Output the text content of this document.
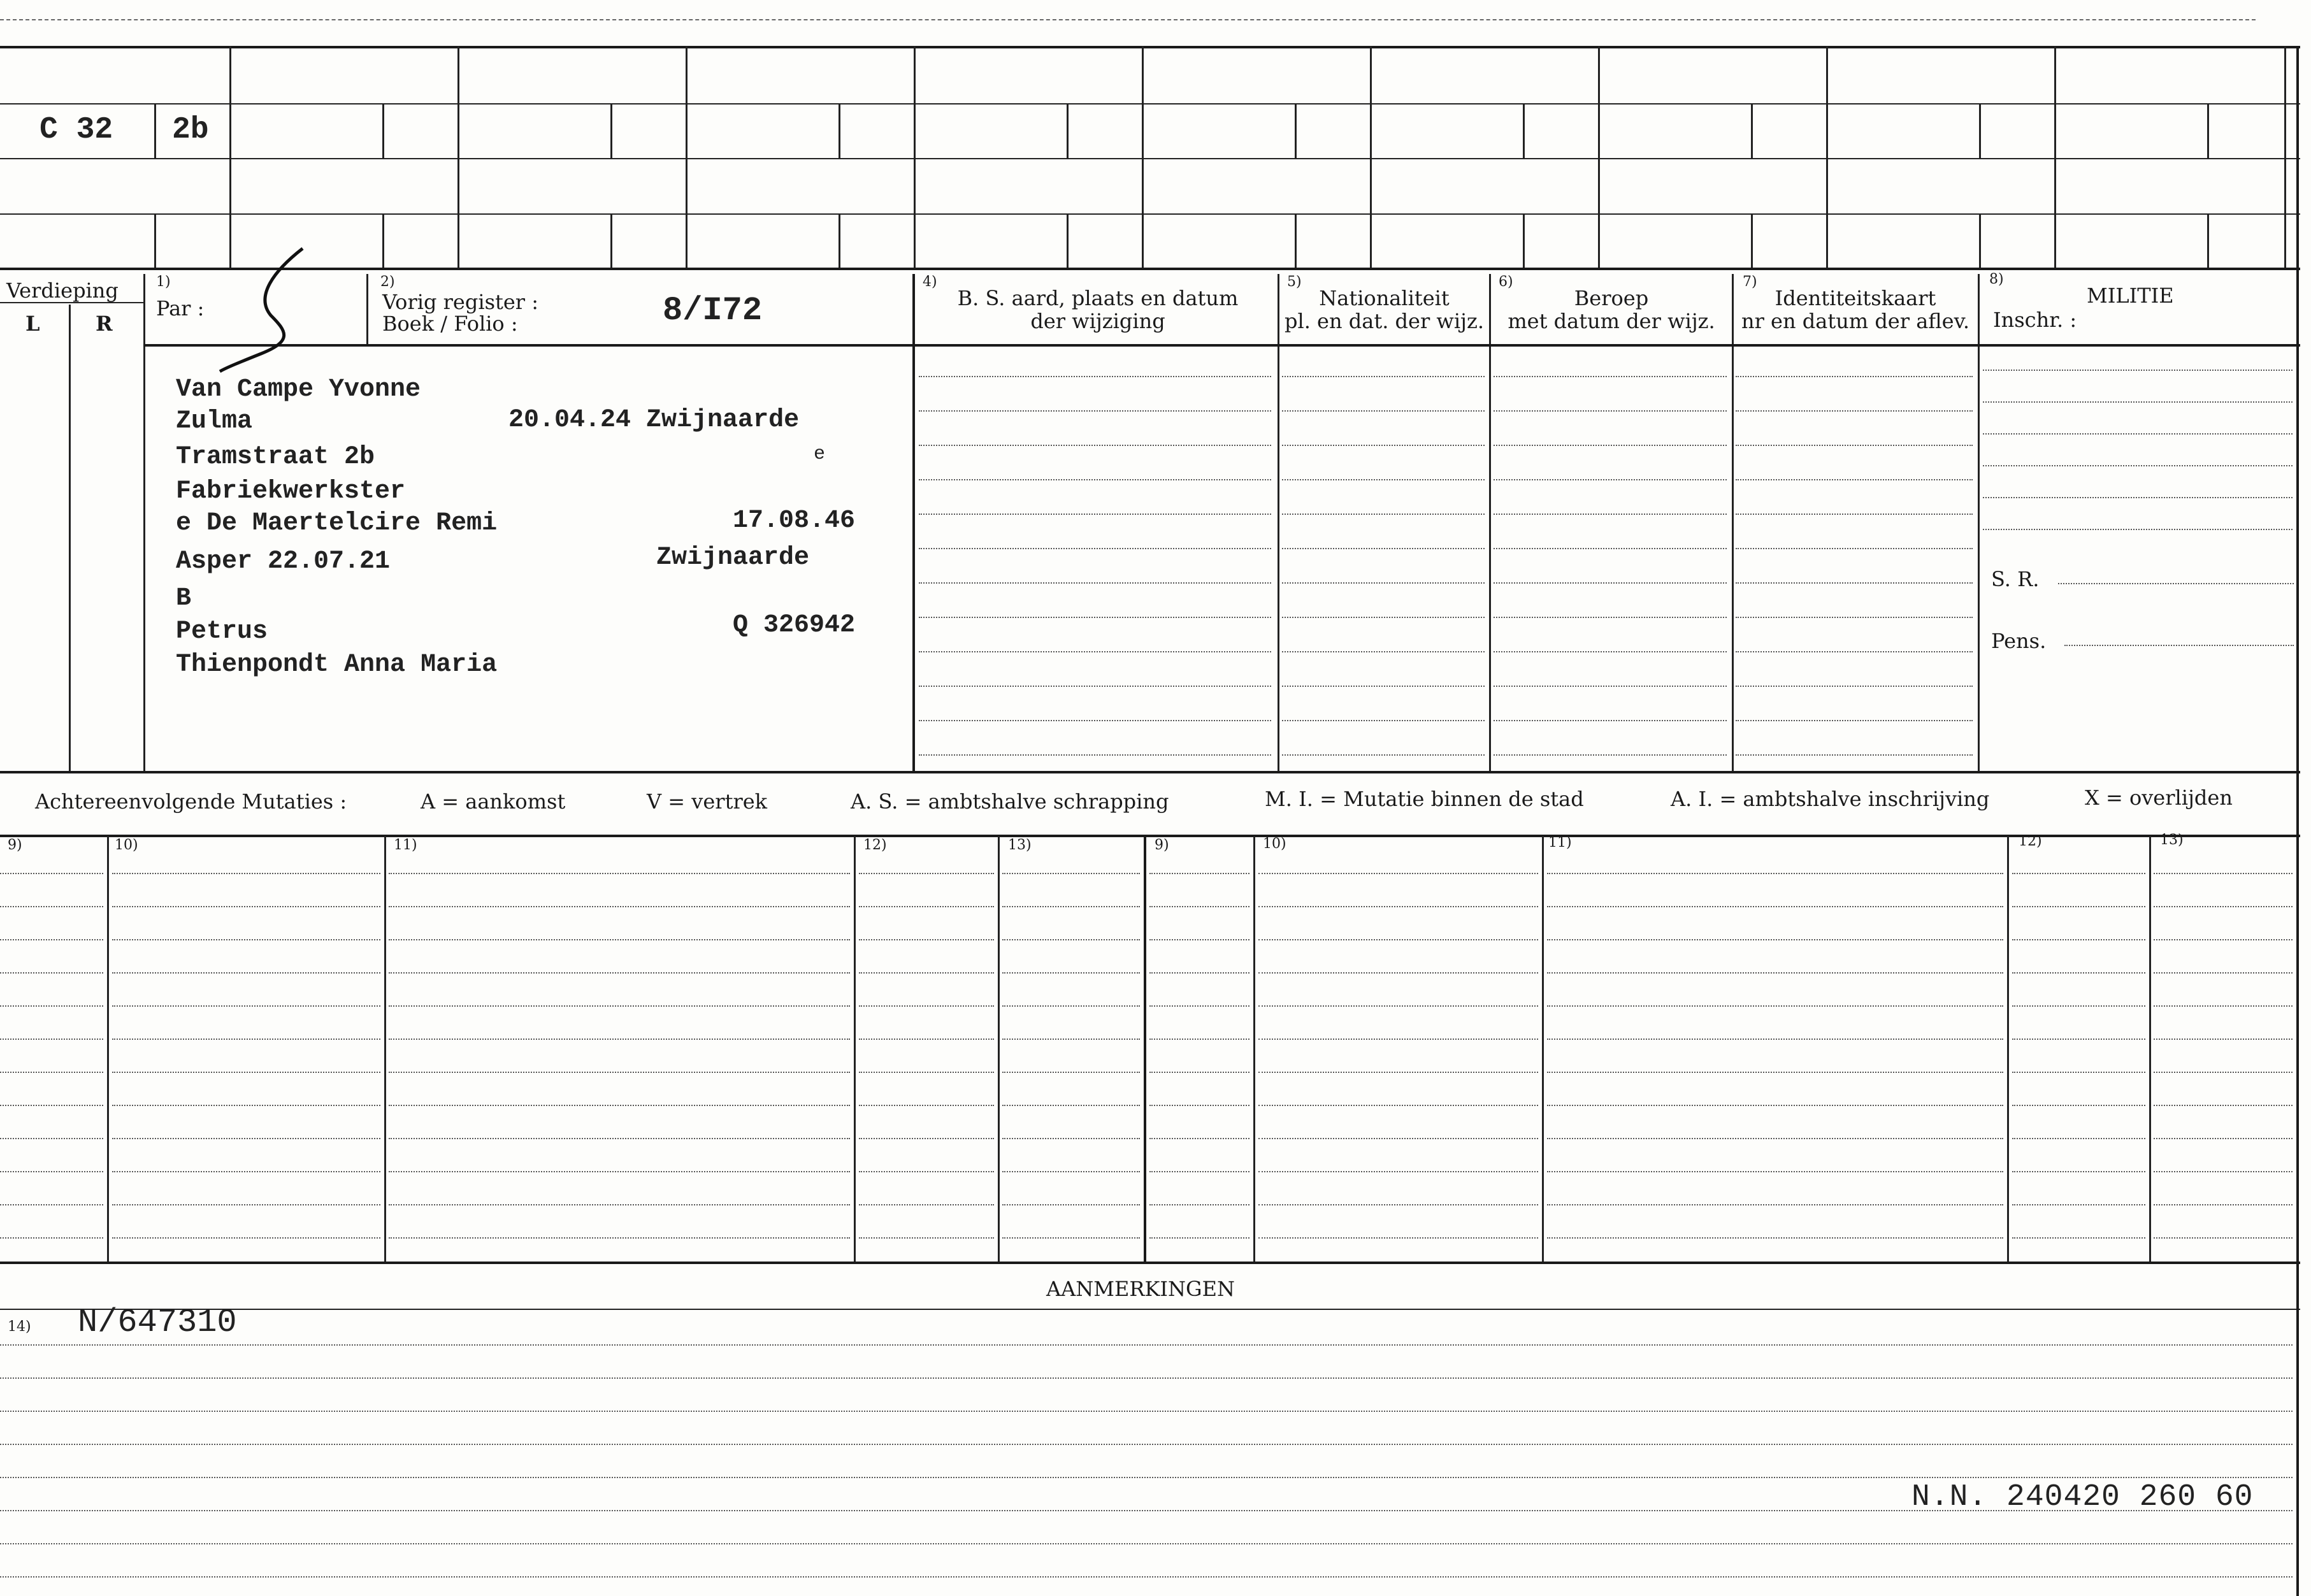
C 32 2b
Verdieping
L	R
1)
Par :
2)
Vorig register :
Boek / Folio :	8/I72
4)
B. S. aard, plaats en datum
der wijziging
5)
Nationaliteit
pl. en dat. der wijz.
6)
Beroep
met datum der wijz.
7)
Identiteitskaart
nr en datum der aflev.
8)
MILITIE
Inschr. :
S. R.
Pens.
Van Campe Yvonne
Zulma	20.04.24 Zwijnaarde
Tramstraat 2b	e
Fabriekwerkster
e De Maertelcire Remi	17.08.46
Asper 22.07.21	Zwijnaarde
B
Petrus	Q 326942
Thienpondt Anna Maria
Achtereenvolgende Mutaties :	A = aankomst	V = vertrek	A. S. = ambtshalve schrapping	M. I. = Mutatie binnen de stad	A. I. = ambtshalve inschrijving	X = overlijden
9)	10)	11)	12)	13)	9)	10)	11)	12)	13)
AANMERKINGEN
14) N/647310
N.N. 240420 260 60
